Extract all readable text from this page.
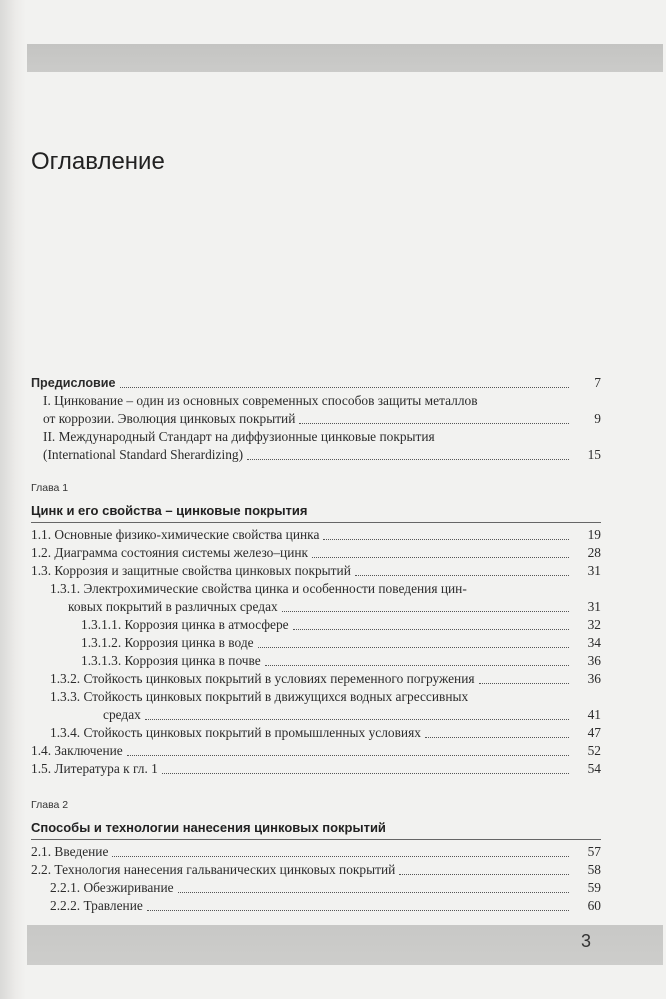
Оглавление
Предисловие	7
I. Цинкование – один из основных современных способов защиты металлов
от коррозии. Эволюция цинковых покрытий	9
II. Международный Стандарт на диффузионные цинковые покрытия
(International Standard Sherardizing)	15
Глава 1
Цинк и его свойства – цинковые покрытия
1.1. Основные физико-химические свойства цинка	19
1.2. Диаграмма состояния системы железо–цинк	28
1.3. Коррозия и защитные свойства цинковых покрытий	31
1.3.1. Электрохимические свойства цинка и особенности поведения цин-
ковых покрытий в различных средах	31
1.3.1.1. Коррозия цинка в атмосфере	32
1.3.1.2. Коррозия цинка в воде	34
1.3.1.3. Коррозия цинка в почве	36
1.3.2. Стойкость цинковых покрытий в условиях переменного погружения	36
1.3.3. Стойкость цинковых покрытий в движущихся водных агрессивных
средах	41
1.3.4. Стойкость цинковых покрытий в промышленных условиях	47
1.4. Заключение	52
1.5. Литература к гл. 1	54
Глава 2
Способы и технологии нанесения цинковых покрытий
2.1. Введение	57
2.2. Технология нанесения гальванических цинковых покрытий	58
2.2.1. Обезжиривание	59
2.2.2. Травление	60
3
